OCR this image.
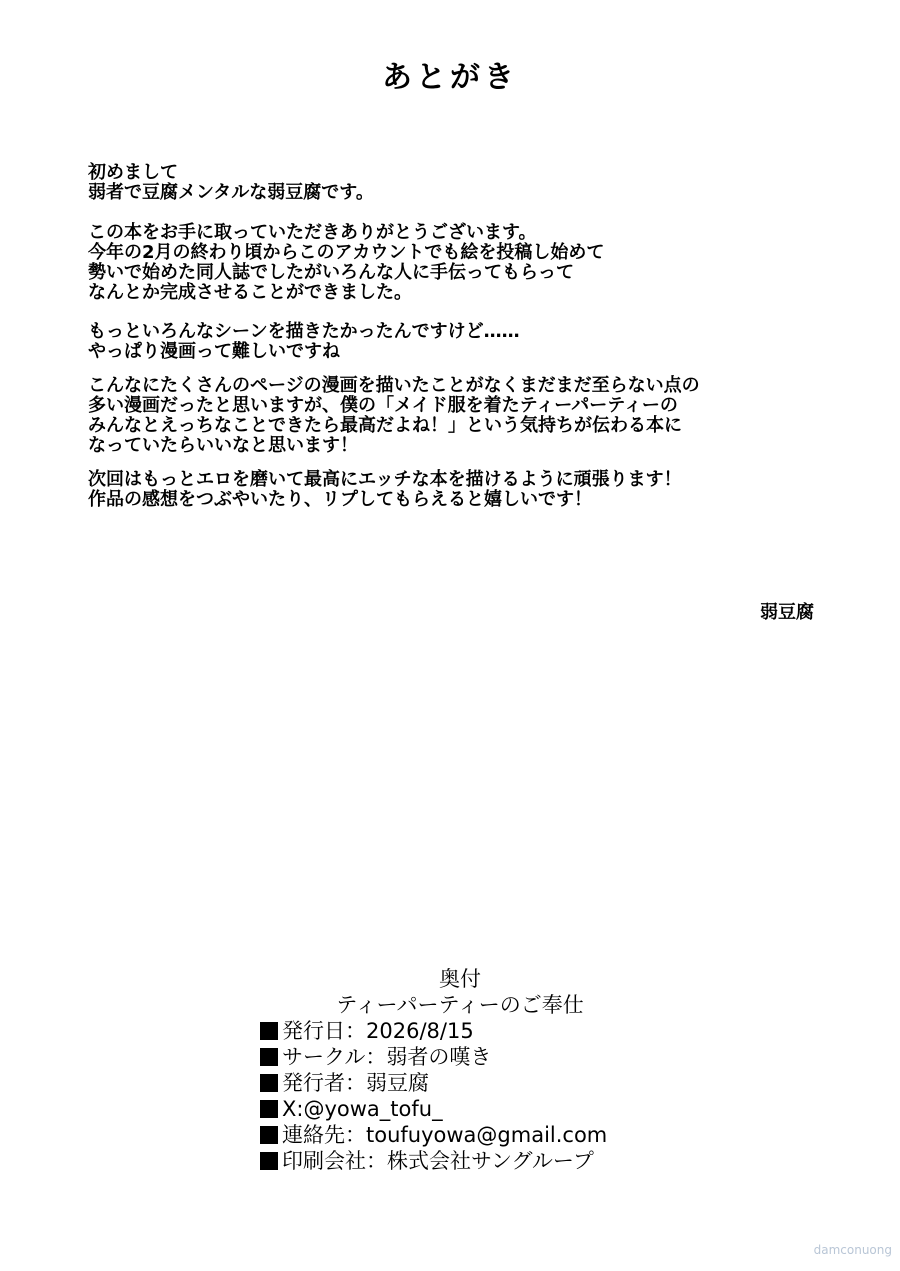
あとがき
初めまして
弱者で豆腐メンタルな弱豆腐です。
この本をお手に取っていただきありがとうございます。
今年の2月の終わり頃からこのアカウントでも絵を投稿し始めて
勢いで始めた同人誌でしたがいろんな人に手伝ってもらって
なんとか完成させることができました。
もっといろんなシーンを描きたかったんですけど……
やっぱり漫画って難しいですね
こんなにたくさんのページの漫画を描いたことがなくまだまだ至らない点の
多い漫画だったと思いますが、僕の「メイド服を着たティーパーティーの
みんなとえっちなことできたら最高だよね！」という気持ちが伝わる本に
なっていたらいいなと思います！
次回はもっとエロを磨いて最高にエッチな本を描けるように頑張ります！
作品の感想をつぶやいたり、リプしてもらえると嬉しいです！
弱豆腐
奥付
ティーパーティーのご奉仕
発行日：2026/8/15
サークル：弱者の嘆き
発行者：弱豆腐
X:@yowa_tofu_
連絡先：toufuyowa@gmail.com
印刷会社：株式会社サングループ
damconuong
